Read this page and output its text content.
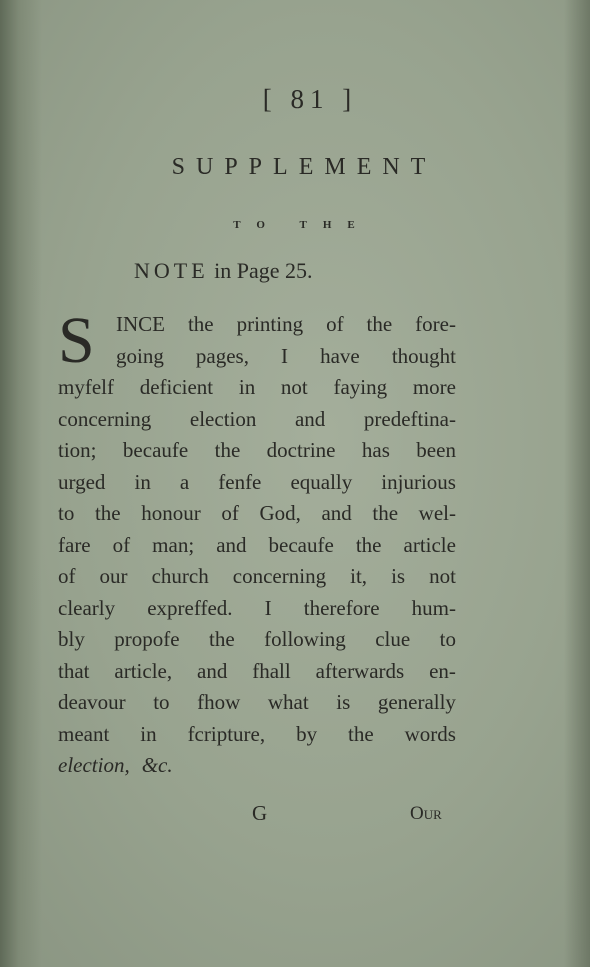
[ 81 ]
SUPPLEMENT
TO THE
NOTE in Page 25.
S INCE the printing of the fore-
going pages, I have thought
myfelf deficient in not faying more
concerning election and predeftina-
tion; becaufe the doctrine has been
urged in a fenfe equally injurious
to the honour of God, and the wel-
fare of man; and becaufe the article
of our church concerning it, is not
clearly expreffed. I therefore hum-
bly propofe the following clue to
that article, and fhall afterwards en-
deavour to fhow what is generally
meant in fcripture, by the words
election, &c.
G	Our
